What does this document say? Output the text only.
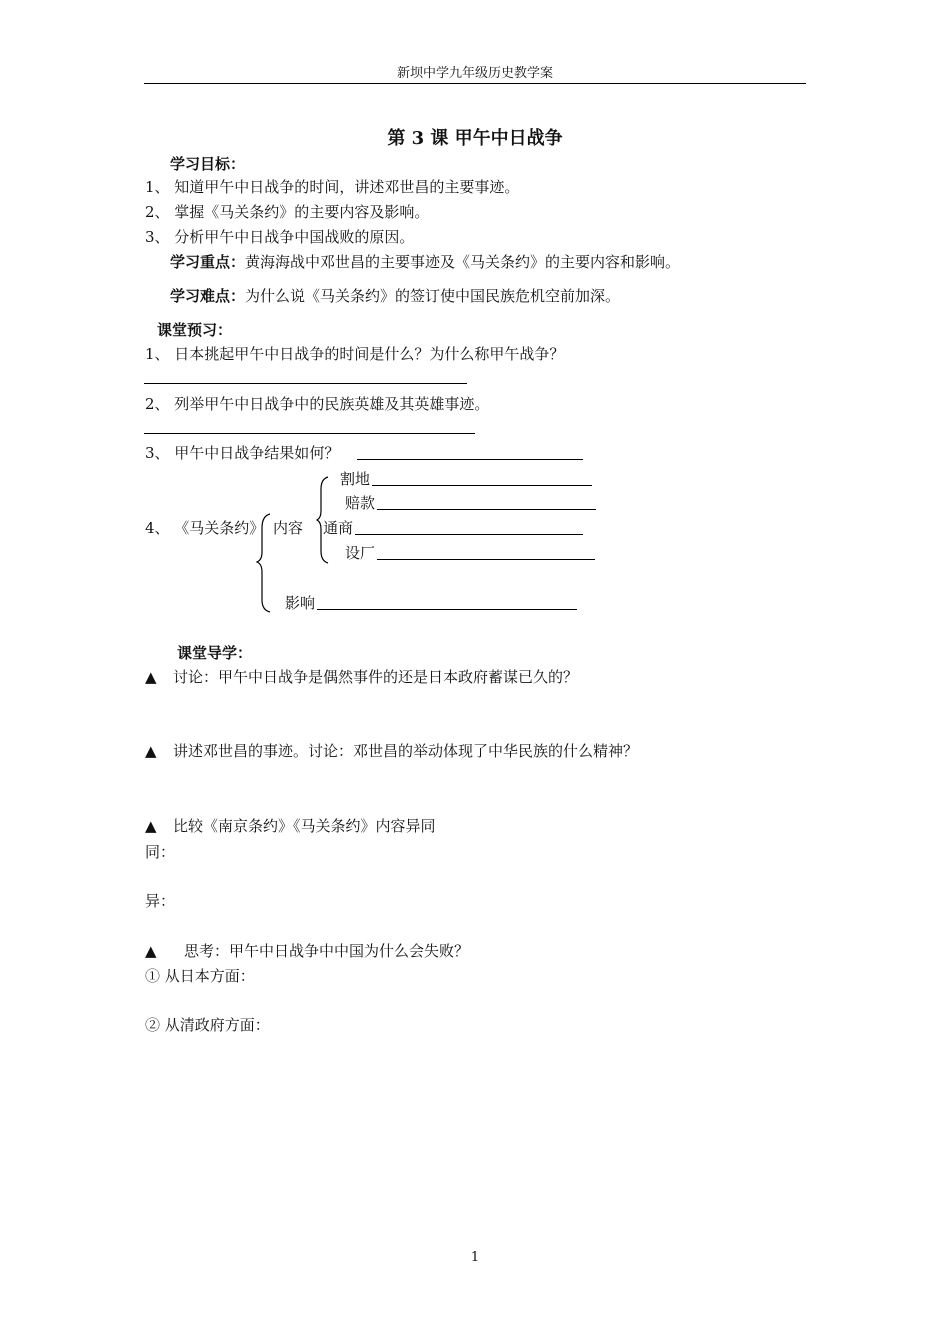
新坝中学九年级历史教学案
第 3 课 甲午中日战争
学习目标：
1、 知道甲午中日战争的时间，讲述邓世昌的主要事迹。
2、 掌握《马关条约》的主要内容及影响。
3、 分析甲午中日战争中国战败的原因。
学习重点：黄海海战中邓世昌的主要事迹及《马关条约》的主要内容和影响。
学习难点：为什么说《马关条约》的签订使中国民族危机空前加深。
课堂预习：
1、 日本挑起甲午中日战争的时间是什么？为什么称甲午战争？
2、 列举甲午中日战争中的民族英雄及其英雄事迹。
3、 甲午中日战争结果如何？
4、 《马关条约》 内容
割地
赔款
通商
设厂
影响
课堂导学：
▲ 讨论：甲午中日战争是偶然事件的还是日本政府蓄谋已久的？
▲ 讲述邓世昌的事迹。讨论：邓世昌的举动体现了中华民族的什么精神？
▲ 比较《南京条约》《马关条约》内容异同
同：
异：
▲ 思考：甲午中日战争中中国为什么会失败？
① 从日本方面：
② 从清政府方面：
1
